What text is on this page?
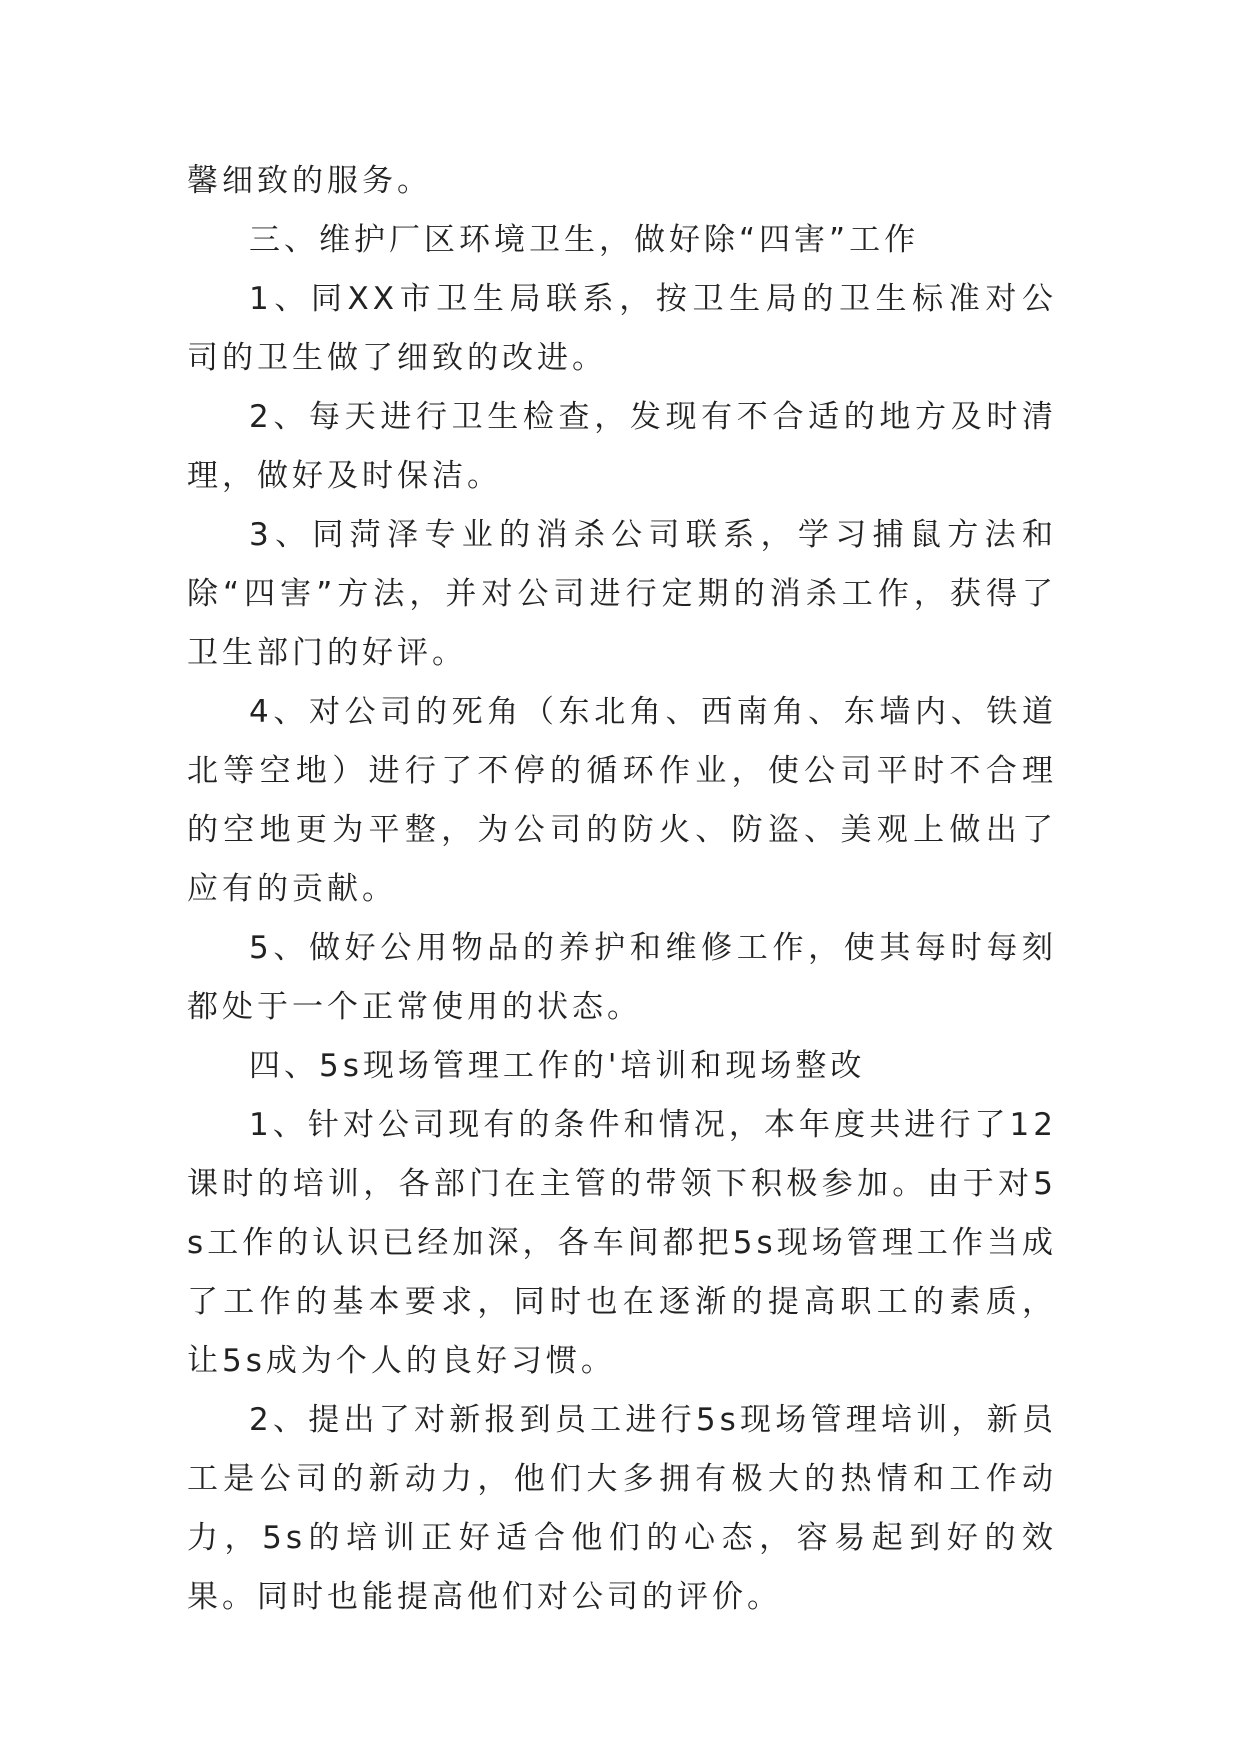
馨细致的服务。

三、维护厂区环境卫生，做好除“四害”工作

1、同XX市卫生局联系，按卫生局的卫生标准对公司的卫生做了细致的改进。

2、每天进行卫生检查，发现有不合适的地方及时清理，做好及时保洁。

3、同菏泽专业的消杀公司联系，学习捕鼠方法和除“四害”方法，并对公司进行定期的消杀工作，获得了卫生部门的好评。

4、对公司的死角（东北角、西南角、东墙内、铁道北等空地）进行了不停的循环作业，使公司平时不合理的空地更为平整，为公司的防火、防盗、美观上做出了应有的贡献。

5、做好公用物品的养护和维修工作，使其每时每刻都处于一个正常使用的状态。

四、5s现场管理工作的'培训和现场整改

1、针对公司现有的条件和情况，本年度共进行了12课时的培训，各部门在主管的带领下积极参加。由于对5s工作的认识已经加深，各车间都把5s现场管理工作当成了工作的基本要求，同时也在逐渐的提高职工的素质，让5s成为个人的良好习惯。

2、提出了对新报到员工进行5s现场管理培训，新员工是公司的新动力，他们大多拥有极大的热情和工作动力，5s的培训正好适合他们的心态，容易起到好的效果。同时也能提高他们对公司的评价。
